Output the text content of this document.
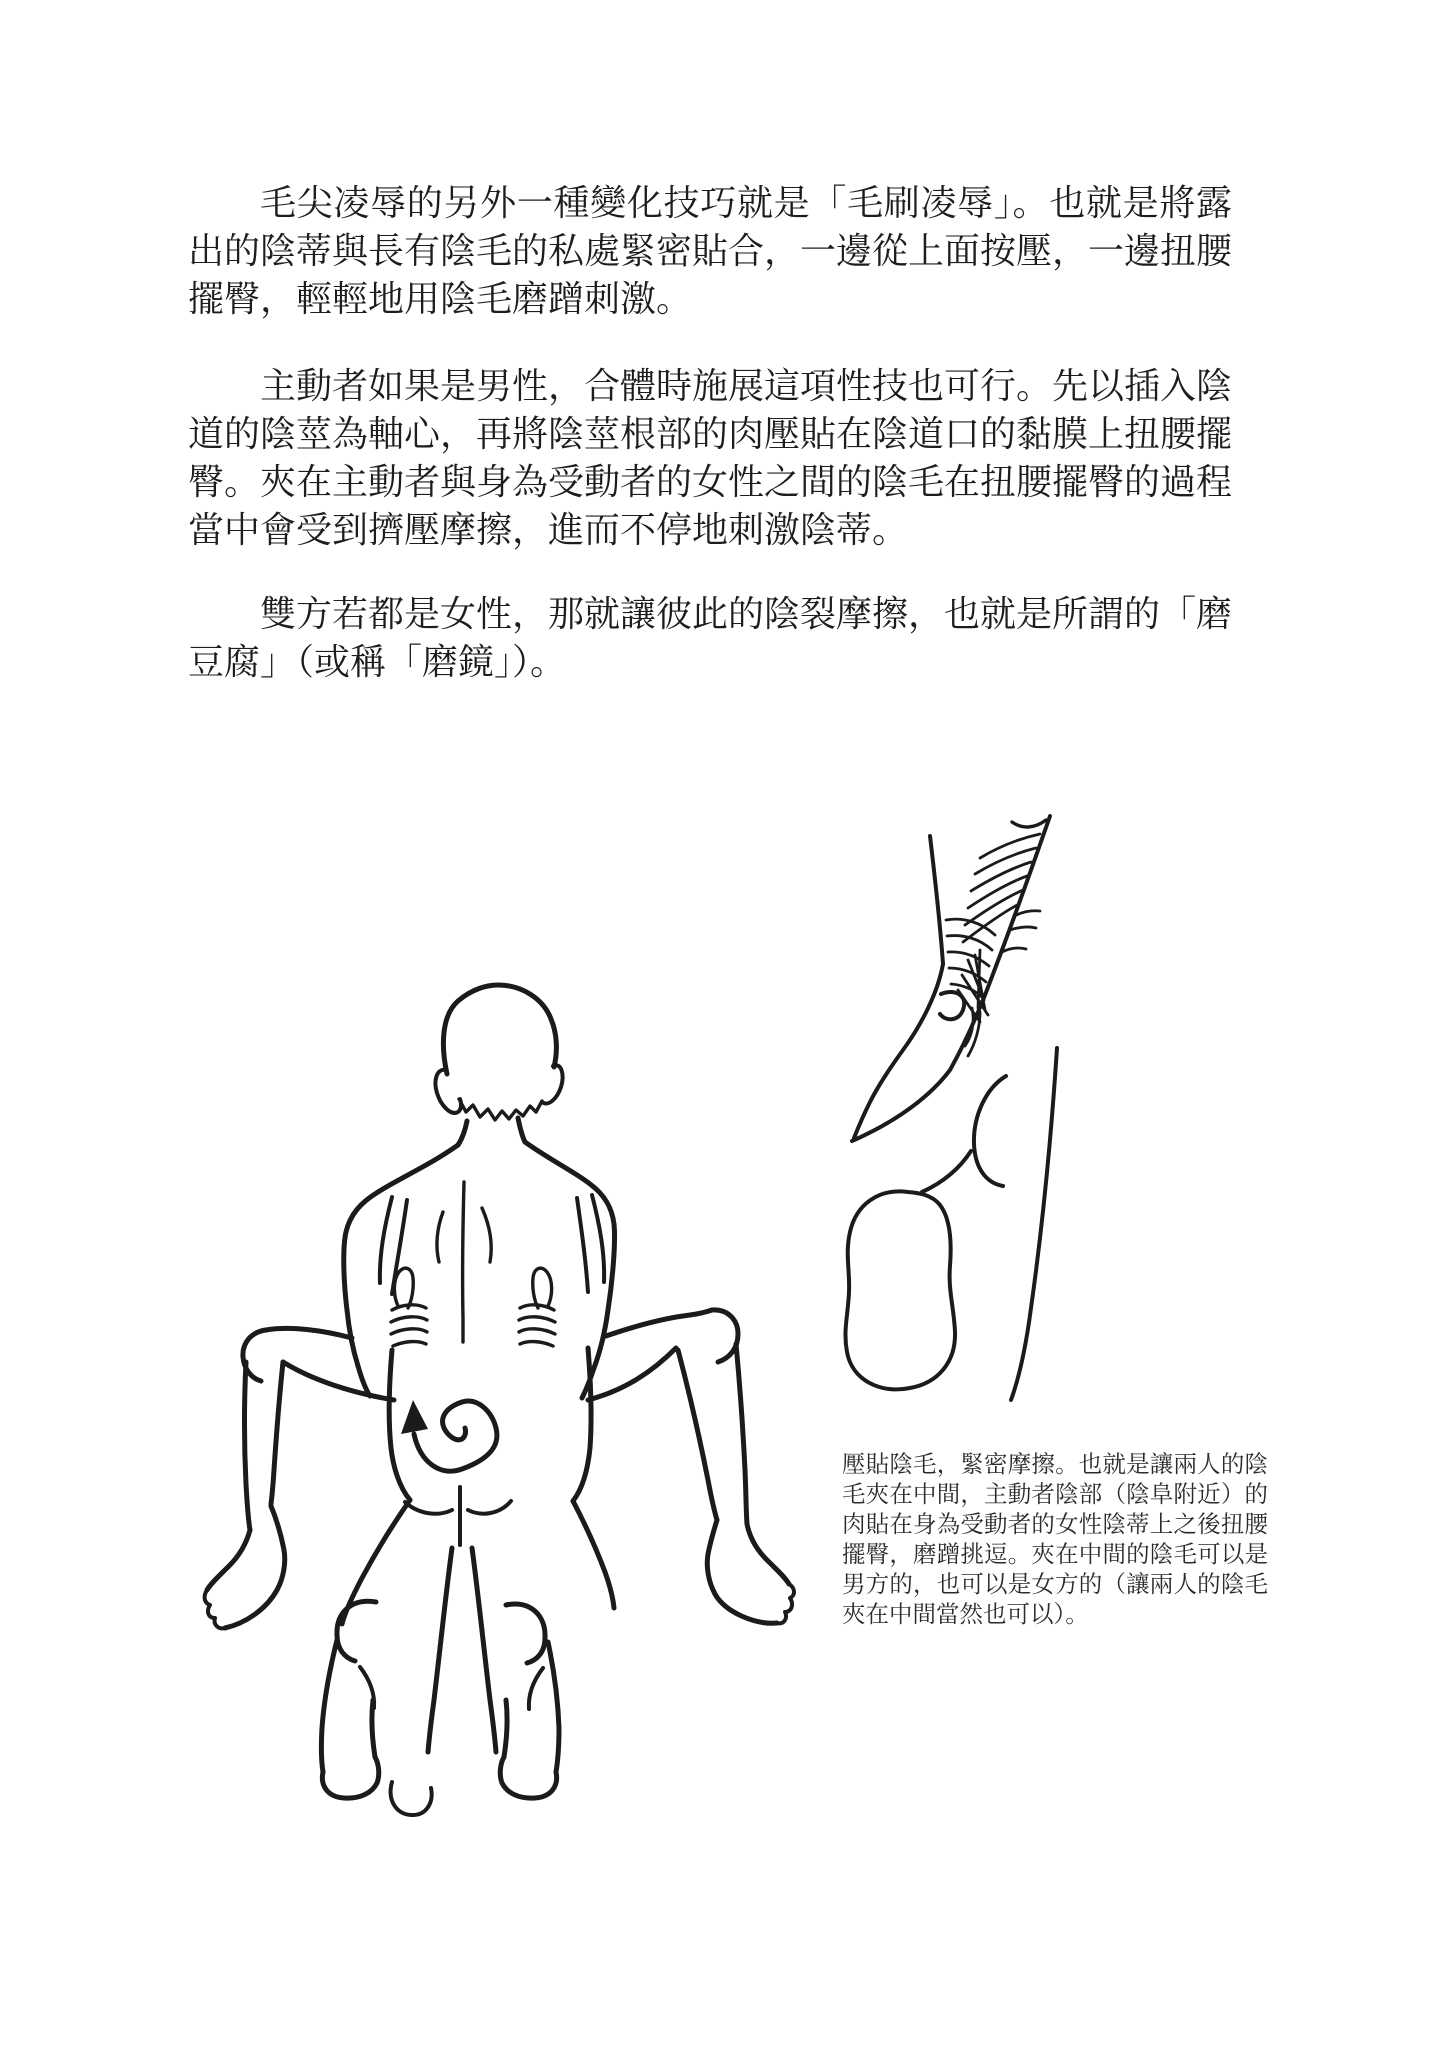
毛尖凌辱的另外一種變化技巧就是「毛刷凌辱」。也就是將露出的陰蒂與長有陰毛的私處緊密貼合，一邊從上面按壓，一邊扭腰擺臀，輕輕地用陰毛磨蹭刺激。

主動者如果是男性，合體時施展這項性技也可行。先以插入陰道的陰莖為軸心，再將陰莖根部的肉壓貼在陰道口的黏膜上扭腰擺臀。夾在主動者與身為受動者的女性之間的陰毛在扭腰擺臀的過程當中會受到擠壓摩擦，進而不停地刺激陰蒂。

雙方若都是女性，那就讓彼此的陰裂摩擦，也就是所謂的「磨豆腐」（或稱「磨鏡」）。

壓貼陰毛，緊密摩擦。也就是讓兩人的陰毛夾在中間，主動者陰部（陰阜附近）的肉貼在身為受動者的女性陰蒂上之後扭腰擺臀，磨蹭挑逗。夾在中間的陰毛可以是男方的，也可以是女方的（讓兩人的陰毛夾在中間當然也可以）。
